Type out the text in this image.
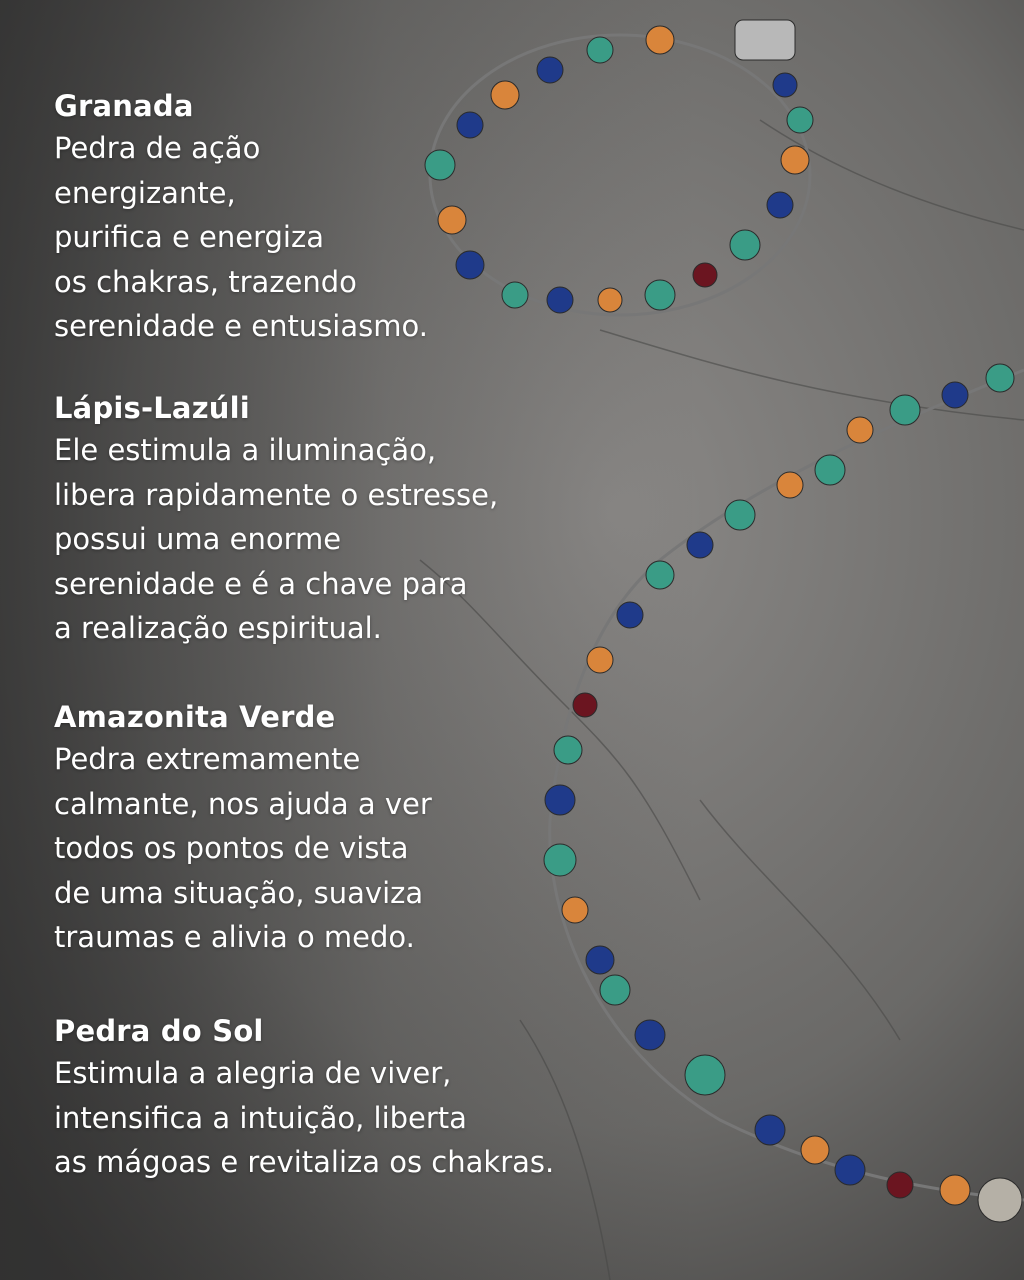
Granada

Pedra de ação

energizante,

purifica e energiza

os chakras, trazendo

serenidade e entusiasmo.

Lápis-Lazúli

Ele estimula a iluminação,

libera rapidamente o estresse,

possui uma enorme

serenidade e é a chave para

a realização espiritual.

Amazonita Verde

Pedra extremamente

calmante, nos ajuda a ver

todos os pontos de vista

de uma situação, suaviza

traumas e alivia o medo.

Pedra do Sol

Estimula a alegria de viver,

intensifica a intuição, liberta

as mágoas e revitaliza os chakras.
